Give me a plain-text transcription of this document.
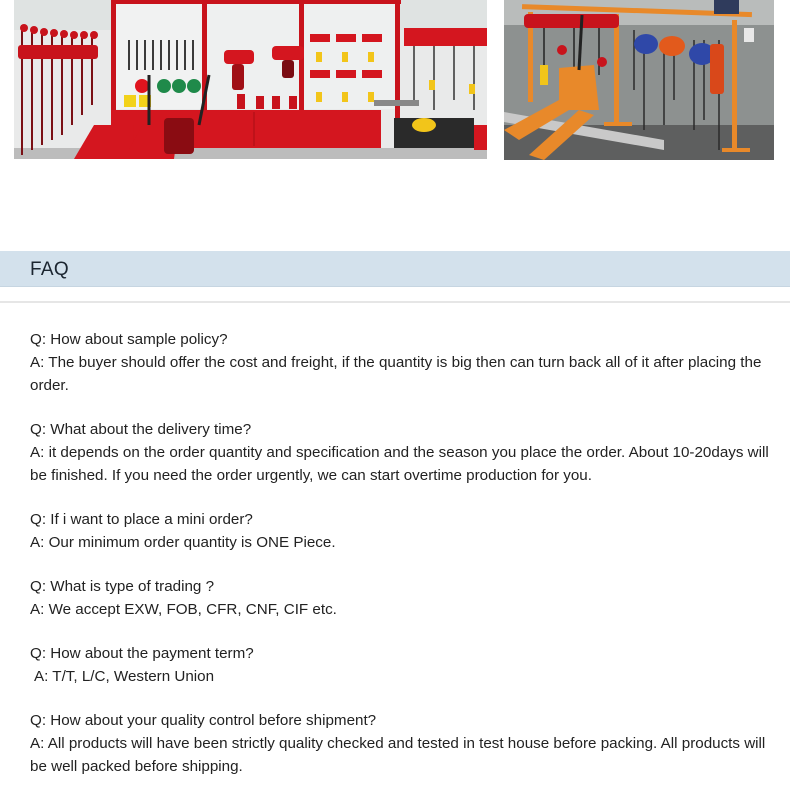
FAQ
Q: How about sample policy?
A: The buyer should offer the cost and freight, if the quantity is big then can turn back all of it after placing the order.
Q: What about the delivery time?
A: it depends on the order quantity and specification and the season you place the order. About 10-20days will be finished. If you need the order urgently, we can start overtime production for you.
Q: If i want to place a mini order?
A: Our minimum order quantity is ONE Piece.
Q: What is type of trading ?
A: We accept EXW, FOB, CFR, CNF, CIF etc.
Q: How about the payment term?
A: T/T, L/C, Western Union
Q: How about your quality control before shipment?
A: All products will have been strictly quality checked and tested in test house before packing. All products will be well packed before shipping.
